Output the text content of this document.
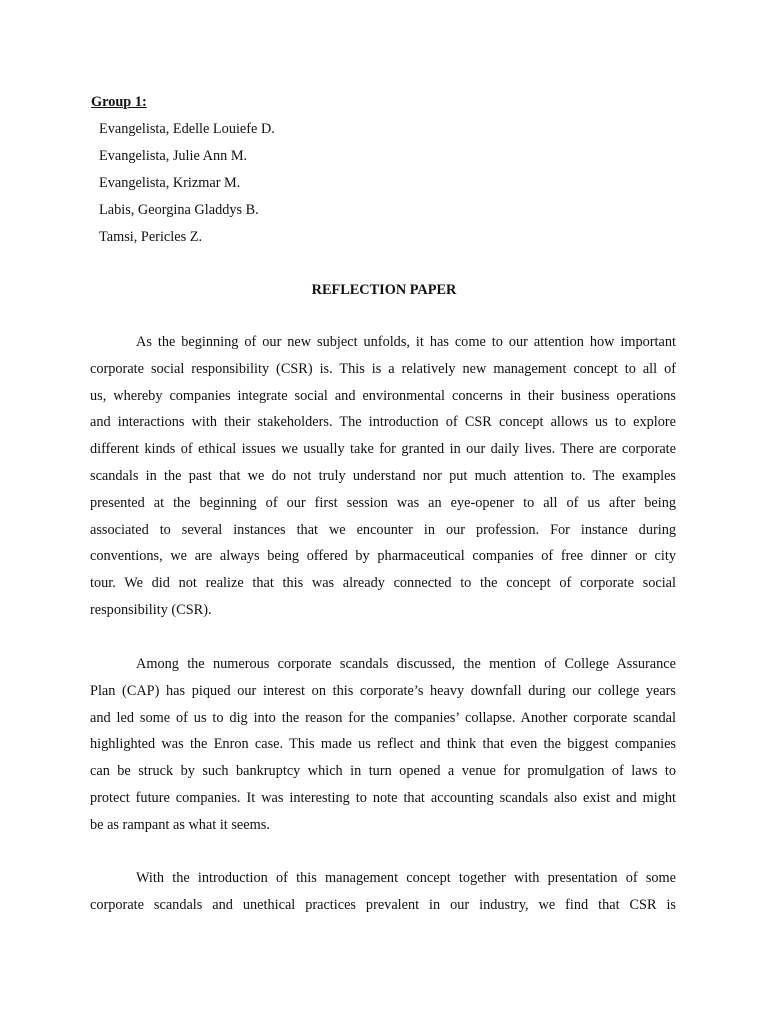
Group 1:
Evangelista, Edelle Louiefe D.
Evangelista, Julie Ann M.
Evangelista, Krizmar M.
Labis, Georgina Gladdys B.
Tamsi, Pericles Z.
REFLECTION PAPER

As the beginning of our new subject unfolds, it has come to our attention how important
corporate social responsibility (CSR) is. This is a relatively new management concept to all of
us, whereby companies integrate social and environmental concerns in their business operations
and interactions with their stakeholders. The introduction of CSR concept allows us to explore
different kinds of ethical issues we usually take for granted in our daily lives. There are corporate
scandals in the past that we do not truly understand nor put much attention to. The examples
presented at the beginning of our first session was an eye-opener to all of us after being
associated to several instances that we encounter in our profession. For instance during
conventions, we are always being offered by pharmaceutical companies of free dinner or city
tour. We did not realize that this was already connected to the concept of corporate social
responsibility (CSR).

Among the numerous corporate scandals discussed, the mention of College Assurance
Plan (CAP) has piqued our interest on this corporate’s heavy downfall during our college years
and led some of us to dig into the reason for the companies’ collapse. Another corporate scandal
highlighted was the Enron case. This made us reflect and think that even the biggest companies
can be struck by such bankruptcy which in turn opened a venue for promulgation of laws to
protect future companies. It was interesting to note that accounting scandals also exist and might
be as rampant as what it seems.

With the introduction of this management concept together with presentation of some
corporate scandals and unethical practices prevalent in our industry, we find that CSR is
